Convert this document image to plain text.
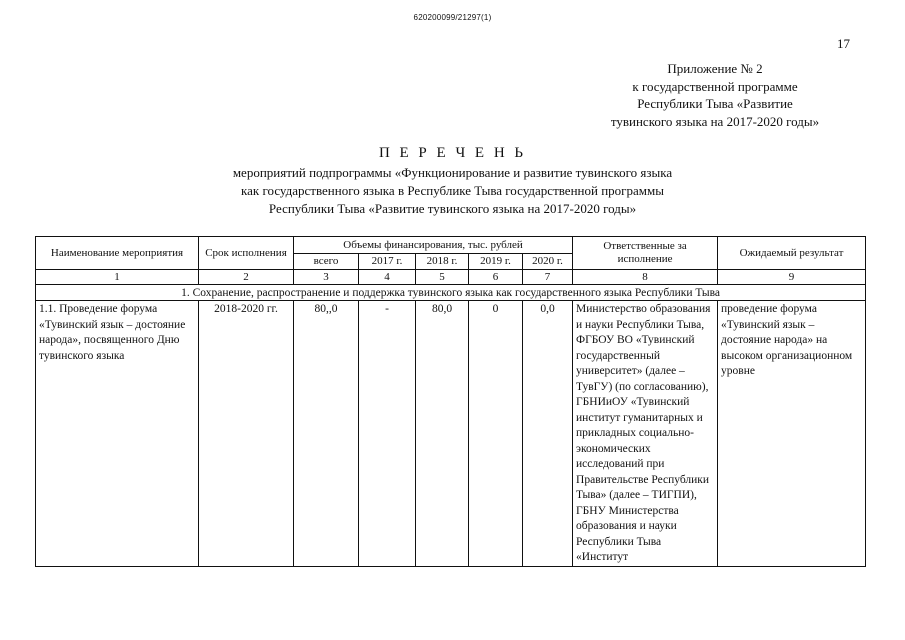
620200099/21297(1)
17
Приложение № 2
к государственной программе
Республики Тыва «Развитие
тувинского языка на 2017-2020 годы»
П Е Р Е Ч Е Н Ь
мероприятий подпрограммы «Функционирование и развитие тувинского языка
как государственного языка в Республике Тыва государственной программы
Республики Тыва «Развитие тувинского языка на 2017-2020 годы»
Наименование мероприятия	Срок исполнения	Объемы финансирования, тыс. рублей					Ответственные за исполнение	Ожидаемый результат
		всего	2017 г.	2018 г.	2019 г.	2020 г.		
1	2	3	4	5	6	7	8	9
1. Сохранение, распространение и поддержка тувинского языка как государственного языка Республики Тыва								
1.1. Проведение форума «Тувинский язык – достояние народа», посвященного Дню тувинского языка	2018-2020 гг.	80,,0	-	80,0	0	0,0	Министерство образования и науки Республики Тыва, ФГБОУ ВО «Тувинский государственный университет» (далее – ТувГУ) (по согласованию), ГБНИиОУ «Тувинский институт гуманитарных и прикладных социально-экономических исследований при Правительстве Республики Тыва» (далее – ТИГПИ), ГБНУ Министерства образования и науки Республики Тыва «Институт	проведение форума «Тувинский язык – достояние народа» на высоком организационном уровне
